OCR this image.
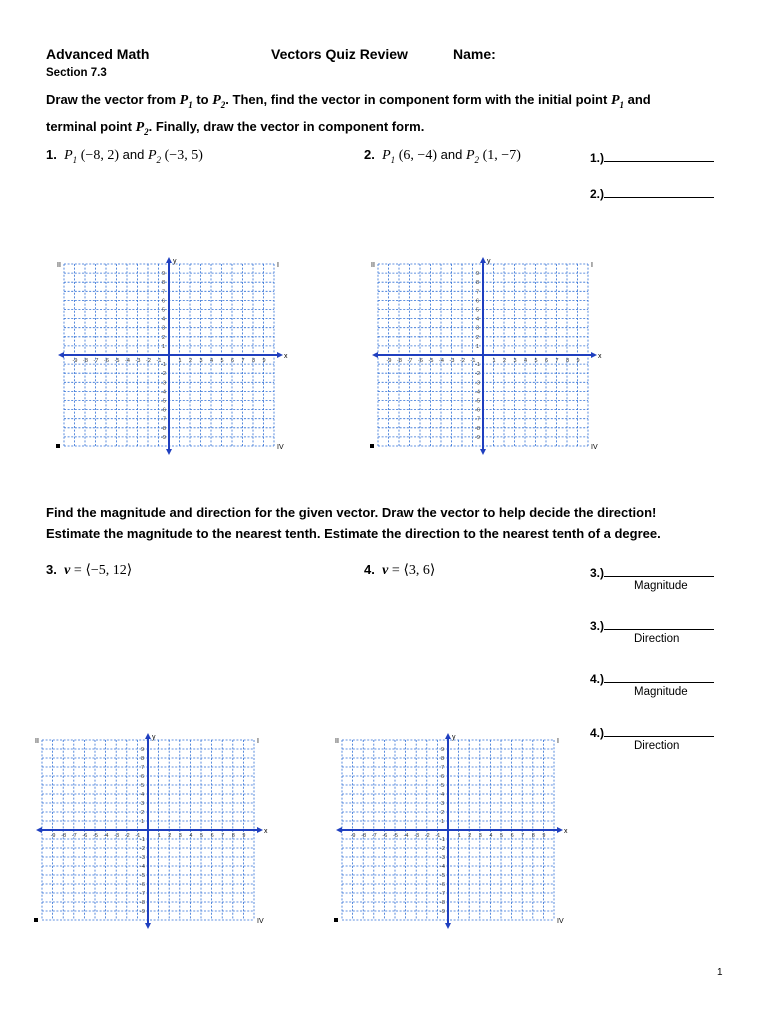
Advanced Math	Vectors Quiz Review	Name:
Section 7.3
Draw the vector from $P_1$ to $P_2$. Then, find the vector in component form with the initial point $P_1$ and
terminal point $P_2$. Finally, draw the vector in component form.
1. $P_1$ (−8, 2) and $P_2$ (−3, 5)	2. $P_1$ (6, −4) and $P_2$ (1, −7)	1.)
2.)
II	I
IV
x
y
-1	1
1
-1
-2	2
2
-2
-3	3
3
-3
-4	4
4
-4
-5	5
5
-5
-6	6
6
-6
-7	7
7
-7
-8	8
8
-8
-9	9
9
-9
II	I
IV
x
y
-1	1
1
-1
-2	2
2
-2
-3	3
3
-3
-4	4
4
-4
-5	5
5
-5
-6	6
6
-6
-7	7
7
-7
-8	8
8
-8
-9	9
9
-9
Find the magnitude and direction for the given vector. Draw the vector to help decide the direction!
Estimate the magnitude to the nearest tenth. Estimate the direction to the nearest tenth of a degree.
3. v = ⟨−5, 12⟩	4. v = ⟨3, 6⟩	3.)
Magnitude
3.)
Direction
4.)
Magnitude
4.)
Direction
II	I
IV
x
y
-1	1
1
-1
-2	2
2
-2
-3	3
3
-3
-4	4
4
-4
-5	5
5
-5
-6	6
6
-6
-7	7
7
-7
-8	8
8
-8
-9	9
9
-9
II	I
IV
x
y
-1	1
1
-1
-2	2
2
-2
-3	3
3
-3
-4	4
4
-4
-5	5
5
-5
-6	6
6
-6
-7	7
7
-7
-8	8
8
-8
-9	9
9
-9
1
